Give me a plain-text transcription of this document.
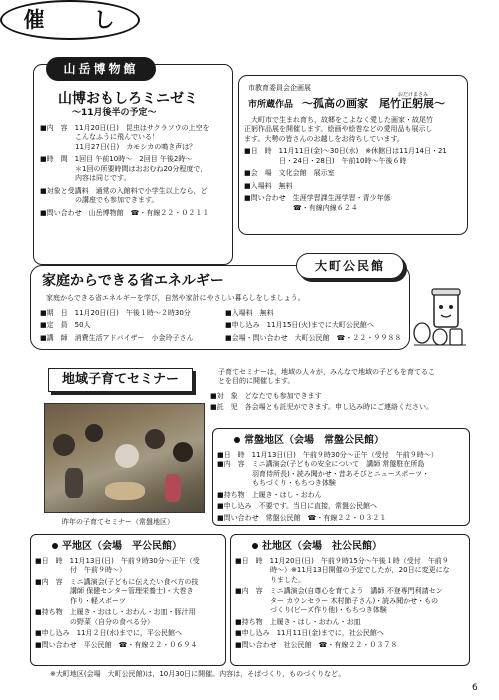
催　し
山岳博物館
山博おもしろミニゼミ
～11月後半の予定～
■内　容　11月20日(日)　昆虫はサクラソウの上空を
　　　　　こんなふうに飛んでいる！
　　　　　11月27日(日)　カモシカの鳴き声は？
■時　間　1回目 午前10時～　2回目 午後2時～
　　　　　＊1回の所要時間はおおむね20分程度で，
　　　　　内容は同じです。
■対象と受講料　通常の入館料で小学生以上なら，ど
　　　　　の講座でも参加できます。
■問い合わせ　山岳博物館　☎・有線２２・０２１１
市教育委員会企画展
おだけまさみ
市所蔵作品　～孤高の画家　尾竹正躬展～
　大町市で生まれ育ち，故郷をこよなく愛した画家・故尾竹
正躬作品展を開催します。絵画や絵巻などの愛用品も展示し
ます。大勢の皆さんのお越しをお待ちしています。
■日　時　11月11日(金)～30日(水)　※休館日は11月14日・21
　　　　　日・24日・28日)　午前10時～午後６時
■会　場　文化会館　展示室
■入場料　無料
■問い合わせ　生涯学習課生涯学習・青少年係
　　　　　　　☎・有線内線６２４
大町公民館
家庭からできる省エネルギー
家庭からできる省エネルギーを学び，自然や家計にやさしい暮らしをしましょう。
■期　日　11月20日(日)　午後１時～２時30分
■定　員　50人
■講　師　消費生活アドバイザー　小金玲子さん
■入場料　無料
■申し込み　11月15日(火)までに大町公民館へ
■会場・問い合わせ　大町公民館　☎・２２・９９８８
地域子育てセミナー
子育てセミナーは，地域の人々が，みんなで地域の子どもを育てるこ
とを目的に開催します。
■対　象　どなたでも参加できます
■託　児　各会場とも託児ができます。申し込み時にご連絡ください。
昨年の子育てセミナー（常盤地区）
常盤地区（会場　常盤公民館）
■日　時　11月13日(日)　午前９時30分～正午（受付　午前９時～）
■内　容　ミニ講演会(子どもの安全について　講師 常盤駐在所島
　　　　　羽育侍所長)・読み聞かせ・昔あそびとニュースポーツ・
　　　　　もちづくり・もちつき体験
■持ち物　上履き・はし・おわん
■申し込み　不要です。当日に直接，常盤公民館へ
■問い合わせ　常盤公民館　☎・有線２２・０３２１
平地区（会場　平公民館）
■日　時　11月13日(日)　午前９時30分～正午（受
　　　　　付　午前９時～）
■内　容　ミニ講演会(子どもに伝えたい食べ方の技
　　　　　講師 保健センター管理栄養士)・大巻き
　　　　　作り・軽スポーツ
■持ち物　上履き・おはし・おわん・お皿・豚汁用
　　　　　の野菜（自分の食べる分）
■申し込み　11月２日(水)までに，平公民館へ
■問い合わせ　平公民館　☎・有線２２・０６９４
社地区（会場　社公民館）
■日　時　11月20日(日)　午前９時15分～午後１時（受付　午前９
　　　　　時～）※11月13日開催の予定でしたが，20日に変更にな
　　　　　りました。
■内　容　ミニ講演会(自尊心を育てよう　講師 不登専門利請セン
　　　　　ター カウンセラー 木村節子さん)・読み聞かせ・もの
　　　　　づくり(ビーズ作り他)・もちつき体験
■持ち物　上履き・はし・おわん・お皿
■申し込み　11月11日(金)までに，社公民館へ
■問い合わせ　社公民館　☎・有線２２・０３７８
※大町地区(会場　大町公民館)は，10月30日に開催。内容は，そばづくり，ものづくりなど。
6
